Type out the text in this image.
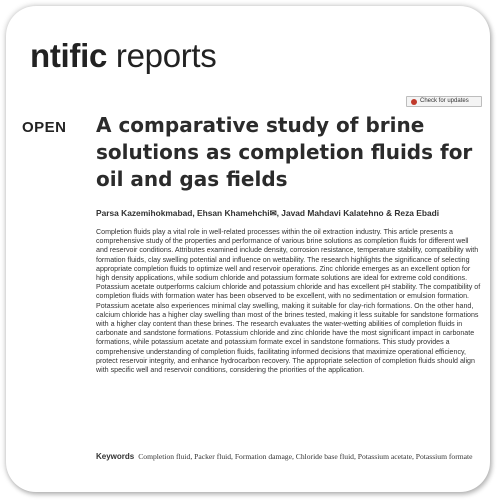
ntific reports
Check for updates
OPEN A comparative study of brine solutions as completion fluids for oil and gas fields
Parsa Kazemihokmabad, Ehsan Khamehchi✉, Javad Mahdavi Kalatehno & Reza Ebadi

Completion fluids play a vital role in well-related processes within the oil extraction industry. This article presents a comprehensive study of the properties and performance of various brine solutions as completion fluids for different well and reservoir conditions. Attributes examined include density, corrosion resistance, temperature stability, compatibility with formation fluids, clay swelling potential and influence on wettability. The research highlights the significance of selecting appropriate completion fluids to optimize well and reservoir operations. Zinc chloride emerges as an excellent option for high density applications, while sodium chloride and potassium formate solutions are ideal for extreme cold conditions. Potassium acetate outperforms calcium chloride and potassium chloride and has excellent pH stability. The compatibility of completion fluids with formation water has been observed to be excellent, with no sedimentation or emulsion formation. Potassium acetate also experiences minimal clay swelling, making it suitable for clay-rich formations. On the other hand, calcium chloride has a higher clay swelling than most of the brines tested, making it less suitable for sandstone formations with a higher clay content than these brines. The research evaluates the water-wetting abilities of completion fluids in carbonate and sandstone formations. Potassium chloride and zinc chloride have the most significant impact in carbonate formations, while potassium acetate and potassium formate excel in sandstone formations. This study provides a comprehensive understanding of completion fluids, facilitating informed decisions that maximize operational efficiency, protect reservoir integrity, and enhance hydrocarbon recovery. The appropriate selection of completion fluids should align with specific well and reservoir conditions, considering the priorities of the application.

Keywords Completion fluid, Packer fluid, Formation damage, Chloride base fluid, Potassium acetate, Potassium formate
